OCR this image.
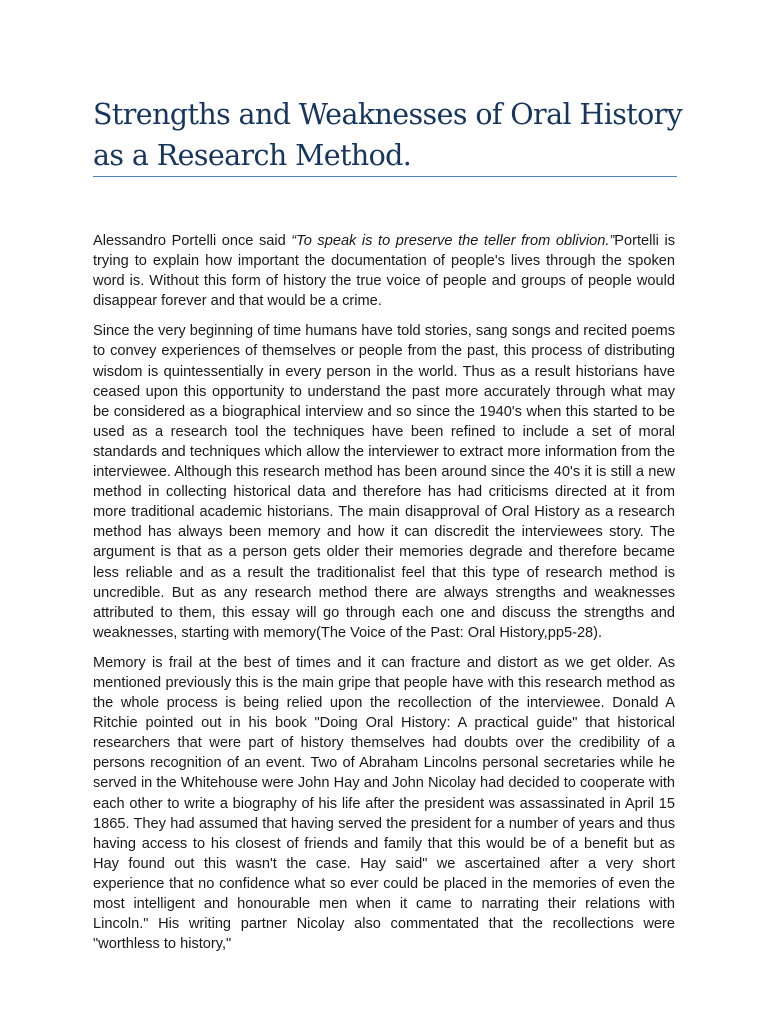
Strengths and Weaknesses of Oral History as a Research Method.

Alessandro Portelli once said “To speak is to preserve the teller from oblivion.”Portelli is trying to explain how important the documentation of people's lives through the spoken word is. Without this form of history the true voice of people and groups of people would disappear forever and that would be a crime.

Since the very beginning of time humans have told stories, sang songs and recited poems to convey experiences of themselves or people from the past, this process of distributing wisdom is quintessentially in every person in the world. Thus as a result historians have ceased upon this opportunity to understand the past more accurately through what may be considered as a biographical interview and so since the 1940's when this started to be used as a research tool the techniques have been refined to include a set of moral standards and techniques which allow the interviewer to extract more information from the interviewee. Although this research method has been around since the 40's it is still a new method in collecting historical data and therefore has had criticisms directed at it from more traditional academic historians. The main disapproval of Oral History as a research method has always been memory and how it can discredit the interviewees story. The argument is that as a person gets older their memories degrade and therefore became less reliable and as a result the traditionalist feel that this type of research method is uncredible. But as any research method there are always strengths and weaknesses attributed to them, this essay will go through each one and discuss the strengths and weaknesses, starting with memory(The Voice of the Past: Oral History,pp5-28).

Memory is frail at the best of times and it can fracture and distort as we get older. As mentioned previously this is the main gripe that people have with this research method as the whole process is being relied upon the recollection of the interviewee. Donald A Ritchie pointed out in his book "Doing Oral History: A practical guide" that historical researchers that were part of history themselves had doubts over the credibility of a persons recognition of an event. Two of Abraham Lincolns personal secretaries while he served in the Whitehouse were John Hay and John Nicolay had decided to cooperate with each other to write a biography of his life after the president was assassinated in April 15 1865. They had assumed that having served the president for a number of years and thus having access to his closest of friends and family that this would be of a benefit but as Hay found out this wasn't the case. Hay said" we ascertained after a very short experience that no confidence what so ever could be placed in the memories of even the most intelligent and honourable men when it came to narrating their relations with Lincoln." His writing partner Nicolay also commentated that the recollections were "worthless to history,"
